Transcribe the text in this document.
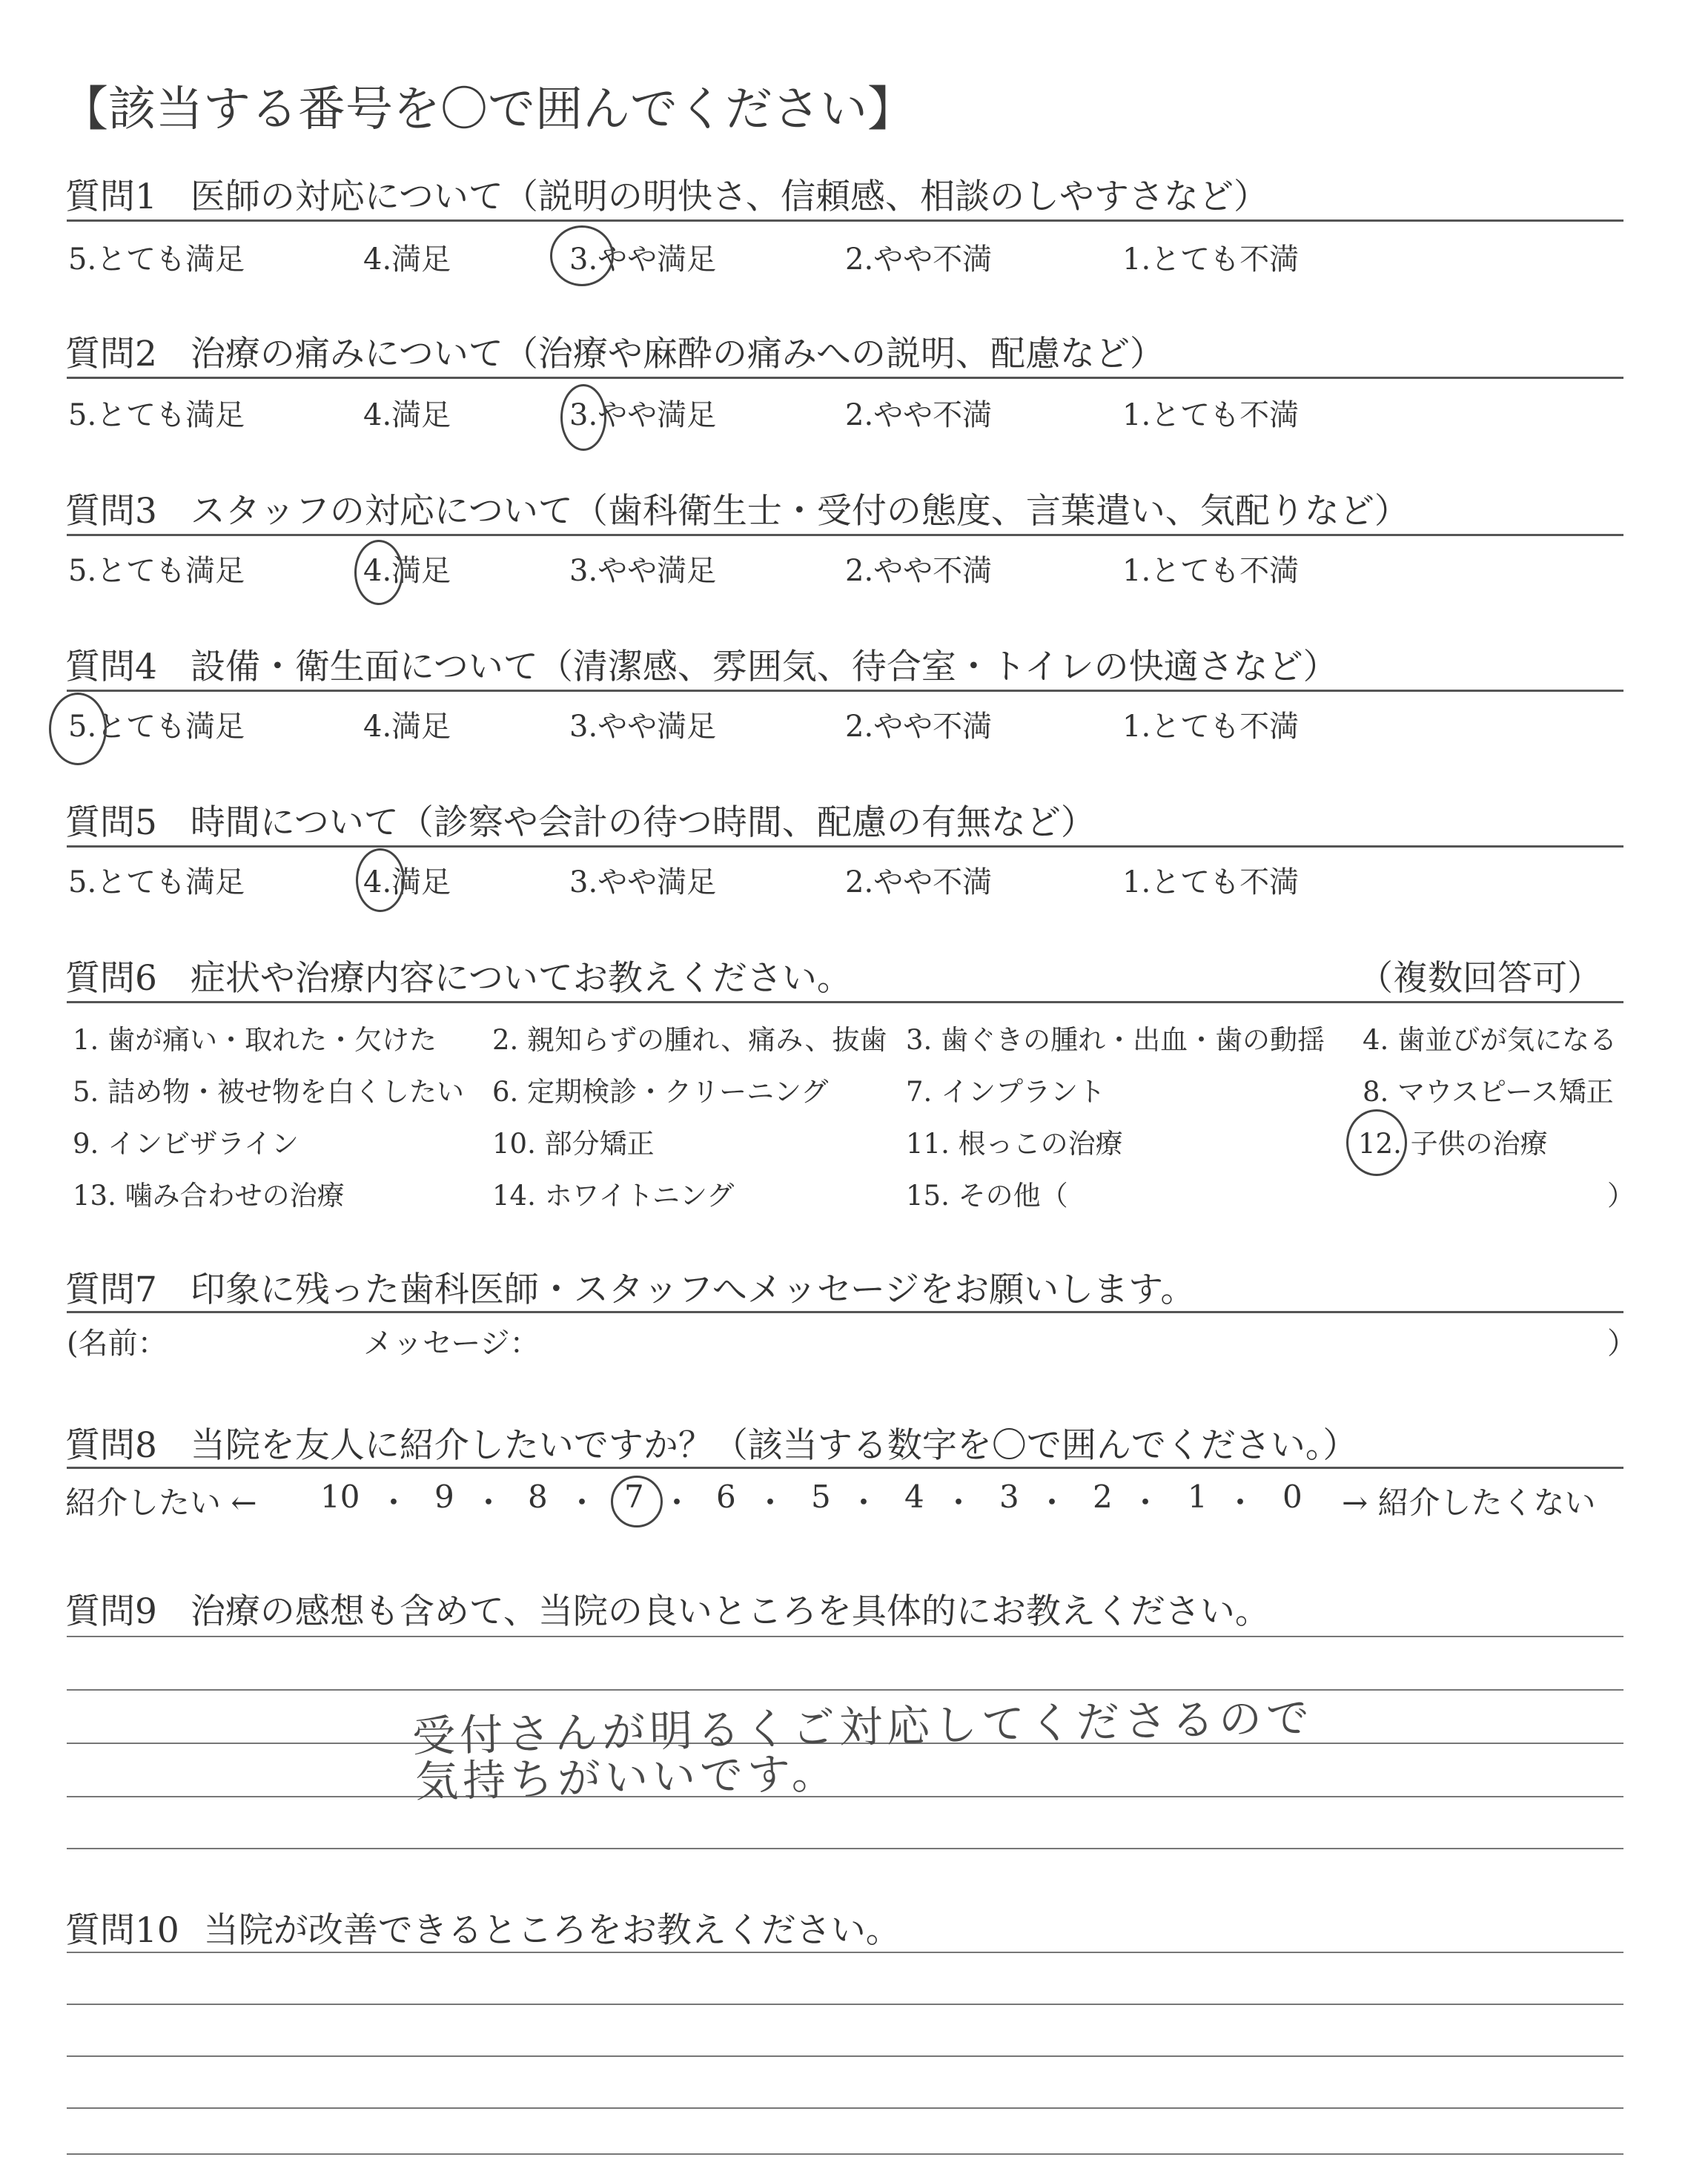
【該当する番号を〇で囲んでください】
質問1 医師の対応について（説明の明快さ、信頼感、相談のしやすさなど）
5.とても満足	4.満足	3.やや満足	2.やや不満	1.とても不満
質問2 治療の痛みについて（治療や麻酔の痛みへの説明、配慮など）
5.とても満足	4.満足	3.やや満足	2.やや不満	1.とても不満
質問3 スタッフの対応について（歯科衛生士・受付の態度、言葉遣い、気配りなど）
5.とても満足	4.満足	3.やや満足	2.やや不満	1.とても不満
質問4 設備・衛生面について（清潔感、雰囲気、待合室・トイレの快適さなど）
5.とても満足	4.満足	3.やや満足	2.やや不満	1.とても不満
質問5 時間について（診察や会計の待つ時間、配慮の有無など）
5.とても満足	4.満足	3.やや満足	2.やや不満	1.とても不満
質問6 症状や治療内容についてお教えください。	（複数回答可）
1. 歯が痛い・取れた・欠けた 2. 親知らずの腫れ、痛み、抜歯 3. 歯ぐきの腫れ・出血・歯の動揺 4. 歯並びが気になる
5. 詰め物・被せ物を白くしたい 6. 定期検診・クリーニング	7. インプラント	8. マウスピース矯正
9. インビザライン	10. 部分矯正	11. 根っこの治療	12. 子供の治療
13. 噛み合わせの治療	14. ホワイトニング	15. その他（	）
質問7 印象に残った歯科医師・スタッフへメッセージをお願いします。
(名前：	メッセージ：	）
質問8 当院を友人に紹介したいですか？（該当する数字を〇で囲んでください。）
紹介したい ← 10 ・ 9 ・ 8 ・ 7 ・ 6 ・ 5 ・ 4 ・ 3 ・ 2 ・ 1 ・ 0 → 紹介したくない
質問9 治療の感想も含めて、当院の良いところを具体的にお教えください。
受付さんが明るくご対応してくださるので
気持ちがいいです。
質問10 当院が改善できるところをお教えください。
